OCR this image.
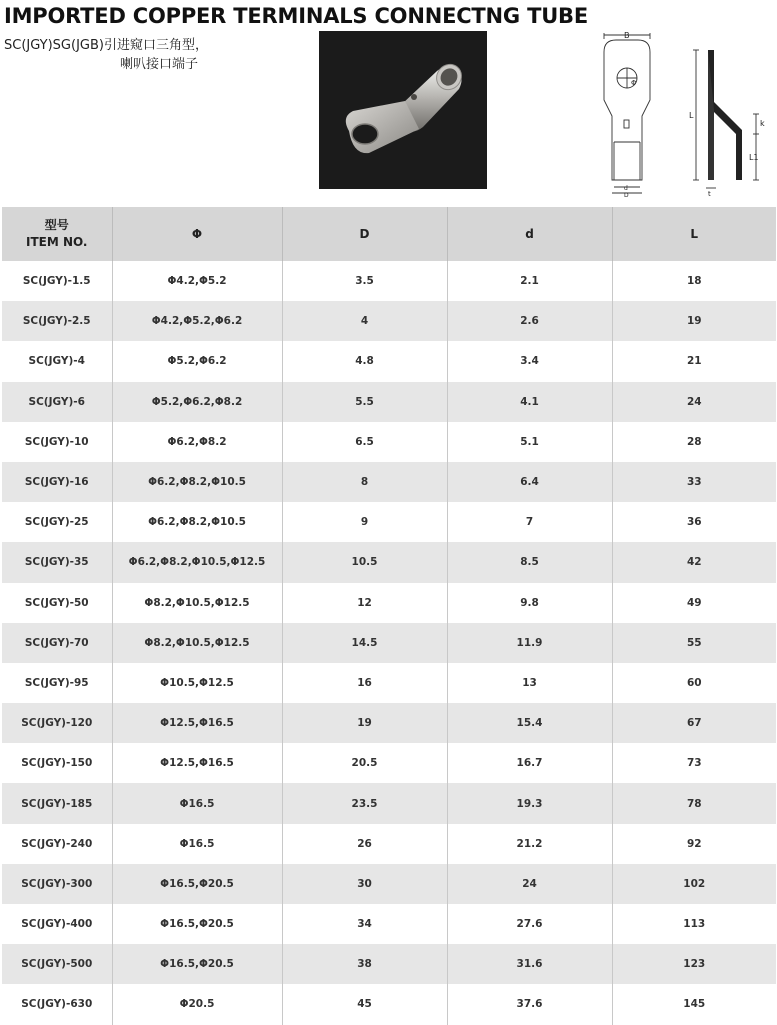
IMPORTED COPPER TERMINALS CONNECTNG TUBE
SC(JGY)SG(JGB)引进窥口三角型，
喇叭接口端子
B
Φ
d
D
L
k
L1
t
型号
ITEM NO.	Φ	D	d	L
SC(JGY)-1.5	Φ4.2,Φ5.2	3.5	2.1	18
SC(JGY)-2.5	Φ4.2,Φ5.2,Φ6.2	4	2.6	19
SC(JGY)-4	Φ5.2,Φ6.2	4.8	3.4	21
SC(JGY)-6	Φ5.2,Φ6.2,Φ8.2	5.5	4.1	24
SC(JGY)-10	Φ6.2,Φ8.2	6.5	5.1	28
SC(JGY)-16	Φ6.2,Φ8.2,Φ10.5	8	6.4	33
SC(JGY)-25	Φ6.2,Φ8.2,Φ10.5	9	7	36
SC(JGY)-35	Φ6.2,Φ8.2,Φ10.5,Φ12.5	10.5	8.5	42
SC(JGY)-50	Φ8.2,Φ10.5,Φ12.5	12	9.8	49
SC(JGY)-70	Φ8.2,Φ10.5,Φ12.5	14.5	11.9	55
SC(JGY)-95	Φ10.5,Φ12.5	16	13	60
SC(JGY)-120	Φ12.5,Φ16.5	19	15.4	67
SC(JGY)-150	Φ12.5,Φ16.5	20.5	16.7	73
SC(JGY)-185	Φ16.5	23.5	19.3	78
SC(JGY)-240	Φ16.5	26	21.2	92
SC(JGY)-300	Φ16.5,Φ20.5	30	24	102
SC(JGY)-400	Φ16.5,Φ20.5	34	27.6	113
SC(JGY)-500	Φ16.5,Φ20.5	38	31.6	123
SC(JGY)-630	Φ20.5	45	37.6	145
